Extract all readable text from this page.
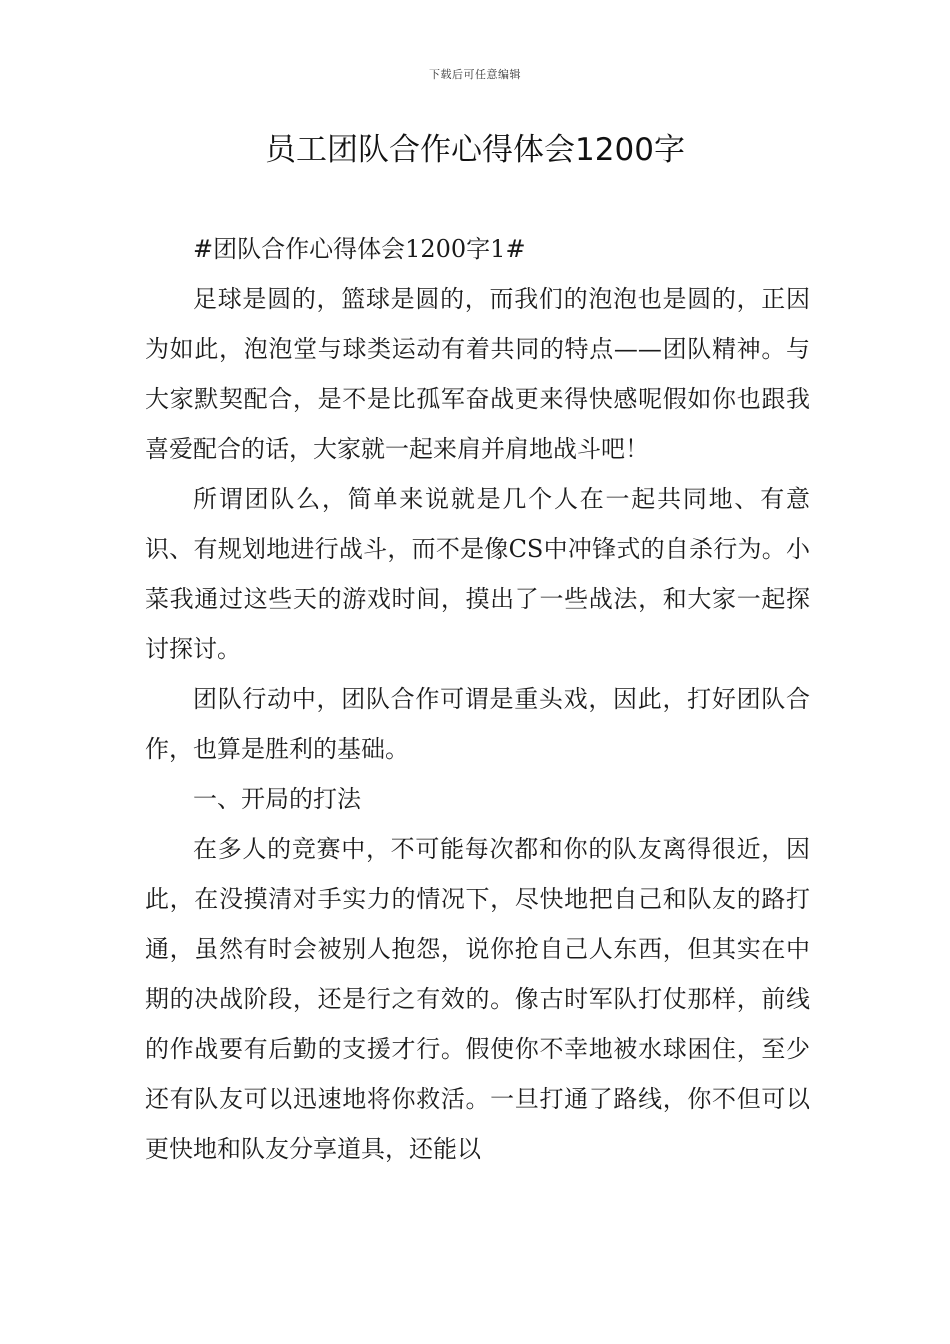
下载后可任意编辑
员工团队合作心得体会1200字

#团队合作心得体会1200字1#

足球是圆的，篮球是圆的，而我们的泡泡也是圆的，正因为如此，泡泡堂与球类运动有着共同的特点——团队精神。与大家默契配合，是不是比孤军奋战更来得快感呢假如你也跟我喜爱配合的话，大家就一起来肩并肩地战斗吧！

所谓团队么，简单来说就是几个人在一起共同地、有意识、有规划地进行战斗，而不是像CS中冲锋式的自杀行为。小菜我通过这些天的游戏时间，摸出了一些战法，和大家一起探讨探讨。

团队行动中，团队合作可谓是重头戏，因此，打好团队合作，也算是胜利的基础。

一、开局的打法

在多人的竞赛中，不可能每次都和你的队友离得很近，因此，在没摸清对手实力的情况下，尽快地把自己和队友的路打通，虽然有时会被别人抱怨，说你抢自己人东西，但其实在中期的决战阶段，还是行之有效的。像古时军队打仗那样，前线的作战要有后勤的支援才行。假使你不幸地被水球困住，至少还有队友可以迅速地将你救活。一旦打通了路线，你不但可以更快地和队友分享道具，还能以
